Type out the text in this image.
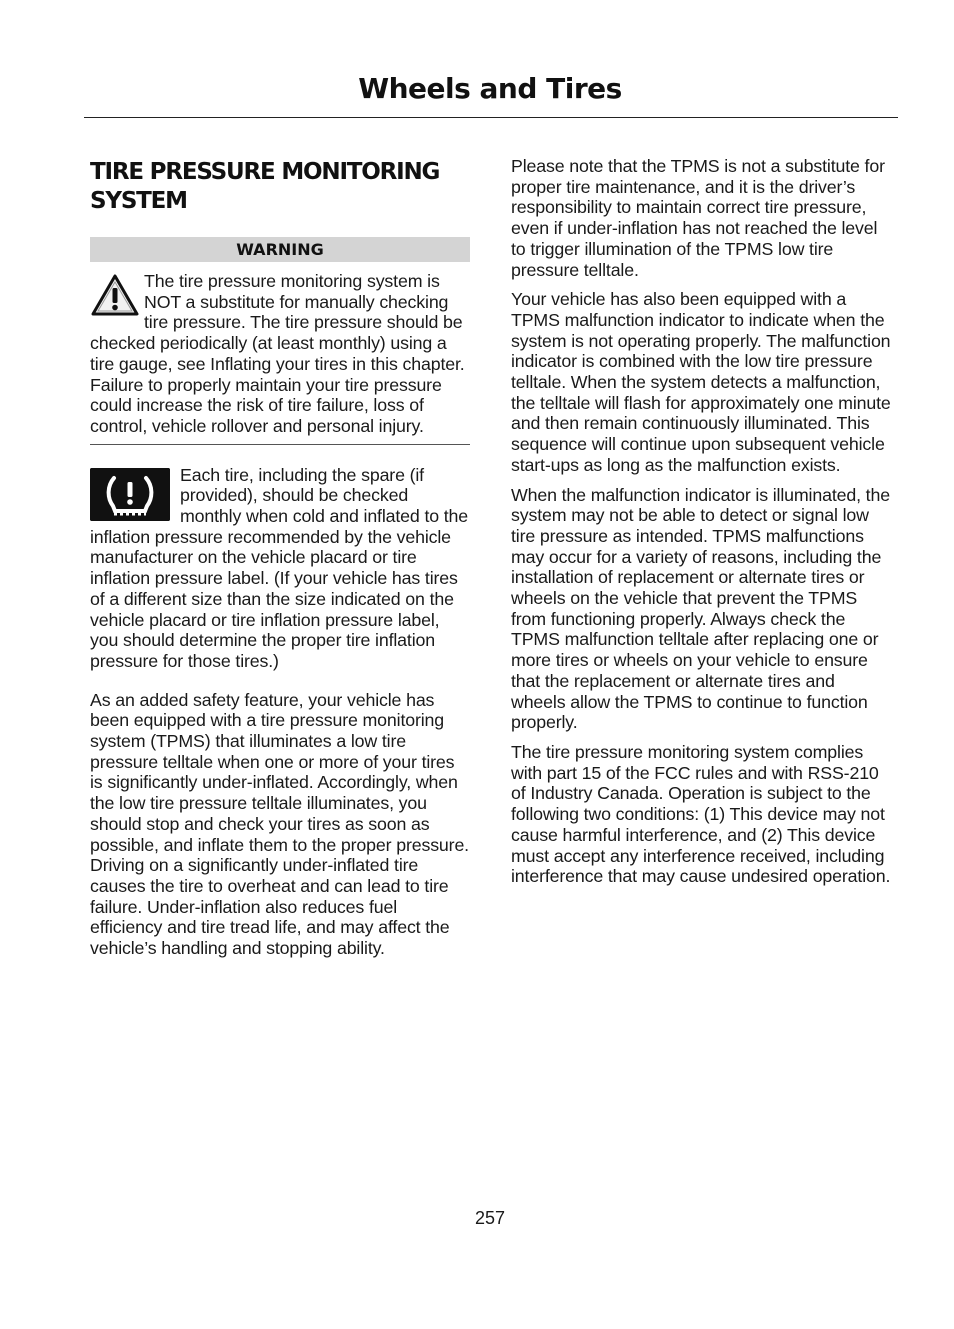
Wheels and Tires
TIRE PRESSURE MONITORING SYSTEM
WARNING

The tire pressure monitoring system is NOT a substitute for manually checking tire pressure. The tire pressure should be checked periodically (at least monthly) using a tire gauge, see Inflating your tires in this chapter. Failure to properly maintain your tire pressure could increase the risk of tire failure, loss of control, vehicle rollover and personal injury.

Each tire, including the spare (if provided), should be checked monthly when cold and inflated to the inflation pressure recommended by the vehicle manufacturer on the vehicle placard or tire inflation pressure label. (If your vehicle has tires of a different size than the size indicated on the vehicle placard or tire inflation pressure label, you should determine the proper tire inflation pressure for those tires.)

As an added safety feature, your vehicle has been equipped with a tire pressure monitoring system (TPMS) that illuminates a low tire pressure telltale when one or more of your tires is significantly under-inflated. Accordingly, when the low tire pressure telltale illuminates, you should stop and check your tires as soon as possible, and inflate them to the proper pressure. Driving on a significantly under-inflated tire causes the tire to overheat and can lead to tire failure. Under-inflation also reduces fuel efficiency and tire tread life, and may affect the vehicle’s handling and stopping ability.

Please note that the TPMS is not a substitute for proper tire maintenance, and it is the driver’s responsibility to maintain correct tire pressure, even if under-inflation has not reached the level to trigger illumination of the TPMS low tire pressure telltale.

Your vehicle has also been equipped with a TPMS malfunction indicator to indicate when the system is not operating properly. The malfunction indicator is combined with the low tire pressure telltale. When the system detects a malfunction, the telltale will flash for approximately one minute and then remain continuously illuminated. This sequence will continue upon subsequent vehicle start-ups as long as the malfunction exists.

When the malfunction indicator is illuminated, the system may not be able to detect or signal low tire pressure as intended. TPMS malfunctions may occur for a variety of reasons, including the installation of replacement or alternate tires or wheels on the vehicle that prevent the TPMS from functioning properly. Always check the TPMS malfunction telltale after replacing one or more tires or wheels on your vehicle to ensure that the replacement or alternate tires and wheels allow the TPMS to continue to function properly.

The tire pressure monitoring system complies with part 15 of the FCC rules and with RSS-210 of Industry Canada. Operation is subject to the following two conditions: (1) This device may not cause harmful interference, and (2) This device must accept any interference received, including interference that may cause undesired operation.

257
